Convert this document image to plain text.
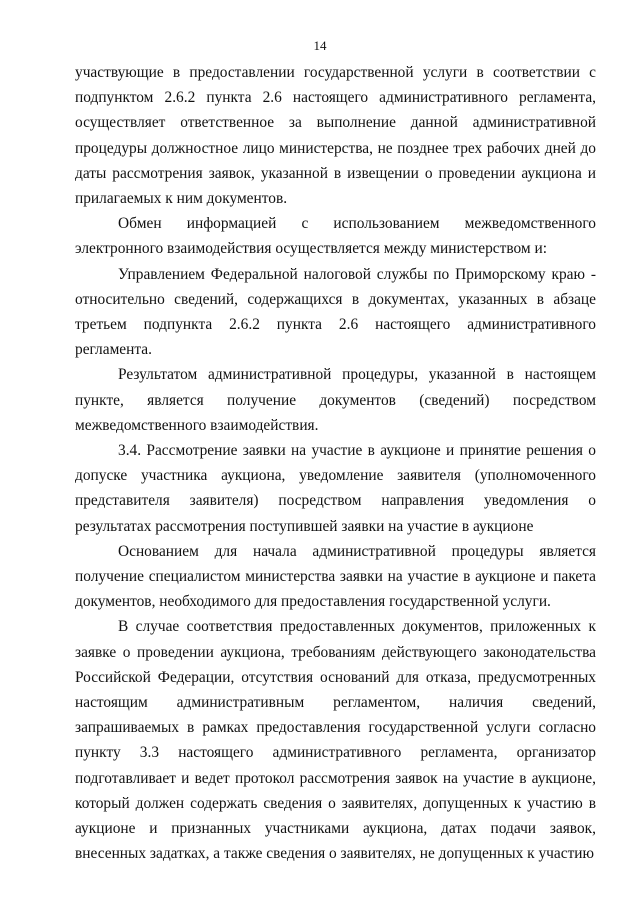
14

участвующие в предоставлении государственной услуги в соответствии с подпунктом 2.6.2 пункта 2.6 настоящего административного регламента, осуществляет ответственное за выполнение данной административной процедуры должностное лицо министерства, не позднее трех рабочих дней до даты рассмотрения заявок, указанной в извещении о проведении аукциона и прилагаемых к ним документов.

Обмен информацией с использованием межведомственного электронного взаимодействия осуществляется между министерством и:

Управлением Федеральной налоговой службы по Приморскому краю - относительно сведений, содержащихся в документах, указанных в абзаце третьем подпункта 2.6.2 пункта 2.6 настоящего административного регламента.

Результатом административной процедуры, указанной в настоящем пункте, является получение документов (сведений) посредством межведомственного взаимодействия.

3.4. Рассмотрение заявки на участие в аукционе и принятие решения о допуске участника аукциона, уведомление заявителя (уполномоченного представителя заявителя) посредством направления уведомления о результатах рассмотрения поступившей заявки на участие в аукционе

Основанием для начала административной процедуры является получение специалистом министерства заявки на участие в аукционе и пакета документов, необходимого для предоставления государственной услуги.

В случае соответствия предоставленных документов, приложенных к заявке о проведении аукциона, требованиям действующего законодательства Российской Федерации, отсутствия оснований для отказа, предусмотренных настоящим административным регламентом, наличия сведений, запрашиваемых в рамках предоставления государственной услуги согласно пункту 3.3 настоящего административного регламента, организатор подготавливает и ведет протокол рассмотрения заявок на участие в аукционе, который должен содержать сведения о заявителях, допущенных к участию в аукционе и признанных участниками аукциона, датах подачи заявок, внесенных задатках, а также сведения о заявителях, не допущенных к участию
